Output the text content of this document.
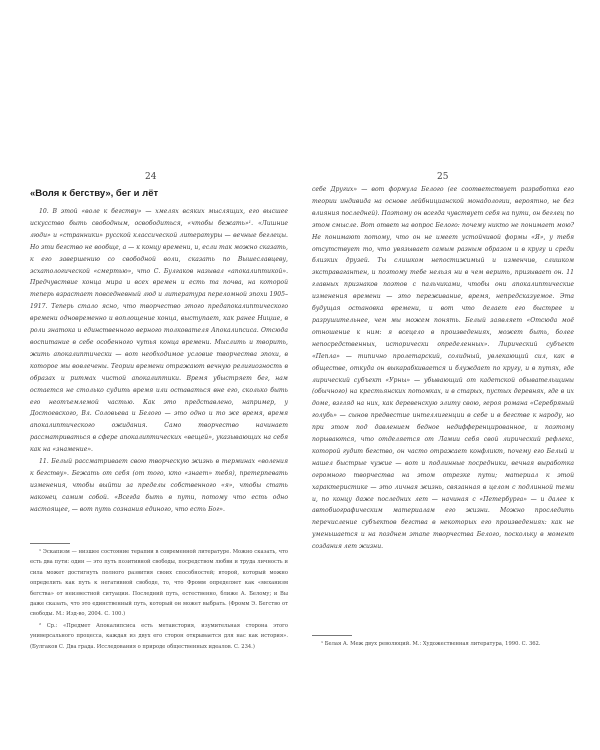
24	25
«Воля к бегству», бег и лёт

10. В этой «воле к бегству» — хмелях всяких мыслящих, его высшее искусство быть свободным, освободиться, «чтобы бежать»¹. «Лишние люди» и «странники» русской классической литературы — вечные беглецы. Но эти бегство не вообще, а — к концу времени, и, если так можно сказать, к его завершению со свободной воли, сказать по Вышеславцеву, эсхатологической «смертью», что С. Булгаков называл «апокалиптикой». Предчувствие конца мира и всех времен и есть та почва, на которой теперь взрастает повседневный люд и литература переломной эпохи 1905–1917. Теперь стало ясно, что творчество этого предапокалиптического времени одновременно и воплощение конца, выступает, как ранее Ницше, в роли знатока и единственного верного толкователя Апокалипсиса. Отсюда воспитание в себе особенного чутья конца времени. Мыслить и творить, жить апокалиптически — вот необходимое условие творчества эпохи, в которое мы вовлечены. Теории времени отражают вечную религиозность в образах и ритмах чистой апокалиптики. Время убыстряет бег, нам остается не столько судить время или оставаться вне его, сколько быть его неотъемлемой частью. Как это представлено, например, у Достоевского, Вл. Соловьева и Белого — это одно и то же время, время апокалиптического ожидания. Само творчество начинает рассматриваться в сфере апокалиптических «вещей», указывающих на себя как на «знамение».

11. Белый рассматривает свою творческую жизнь в терминах «воления к бегству». Бежать от себя (от того, кто «знает» тебя), претерпевать изменения, чтобы выйти за пределы собственного «я», чтобы стать наконец самим собой. «Всегда быть в пути, потому что есть одно настоящее, — вот путь сознания единого, что есть Бог».

¹ Эскапизм — низшее состояние терапии в современной литературе. Можно сказать, что есть два пути: один — это путь позитивной свободы, посредством любви и труда личность и сила может достигнуть полного развития своих способностей; второй, который можно определить как путь к негативной свободе, то, что Фромм определяет как «механизм бегства» от неизвестной ситуации. Последний путь, естественно, ближе А. Белому; и Вы даже сказать, что это единственный путь, который он может выбрать. (Фромм Э. Бегство от свободы. М.: Изд-во, 2004. С. 100.)

² Ср.: «Предмет Апокалипсиса есть метаистория, изумительная сторона этого универсального процесса, каждая из двух его сторон открывается для нас как история». (Булгаков С. Два града. Исследования о природе общественных идеалов. С. 234.)

себе Других» — вот формула Белого (ее соответствует разработка его теории индивида на основе лейбницианской монадологии, вероятно, не без влияния последней). Поэтому он всегда чувствует себя на пути, он беглец по этом смысле. Вот ответ на вопрос Белого: почему никто не понимает мою? Не понимают потому, что он не имеет устойчивой формы «Я», у тебя отсутствует то, что увязывает самым разным образом и в кругу и среди близких друзей. Ты слишком непостижимый и изменчив, слишком экстравагантен, и поэтому тебе нельзя ни в чем верить, призывает он. 11 главных признаков поэтов с пальчиками, чтобы они апокалиптические изменения времени — это переживание, время, непредсказуемое. Эта будущая остановка времени, и вот что делает его быстрее и разрушительнее, чем мы можем понять. Белый заявляет «Отсюда моё отношение к ним: я всецело в произведениях, может быть, более непосредственных, исторически определенных». Лирический субъект «Пепла» — типично пролетарский, солидный, увлекающий сил, как в обществе, откуда он выкарабкивается и блуждает по кругу, и в путях, где лирический субъект «Урны» — убывающий от кадетской обывательщины (обычного) на крестьянских потомках, и в старых, пустых деревнях, где в их доме, взгляд на них, как деревенскую элиту свою, героя романа «Серебряный голубь» — сынов предвестие интеллигенции в себе и в бегстве к народу, но при этом под давлением бедное недифференцированное, и поэтому порываются, что отделяется от Ламии себя свой лирический рефлекс, которой гудит бегство, он часто отражает конфликт, почему его Белый и нашел быстрые чужие — вот и подлинные посредники, вечная выработка огромного творчества на этом отрезке пути; материал к этой характеристике — это личная жизнь, связанная в целом с подлинной теми и, по концу даже последних лет — начиная с «Петербурга» — и далее к автобиографическим материалам его жизни. Можно проследить перечисление субъектов бегства в некоторых его произведениях: как не уменьшается и на позднем этапе творчества Белого, поскольку в момент создания лет жизни.

¹ Белая А. Меж двух революций. М.: Художественная литература, 1990. С. 362.
